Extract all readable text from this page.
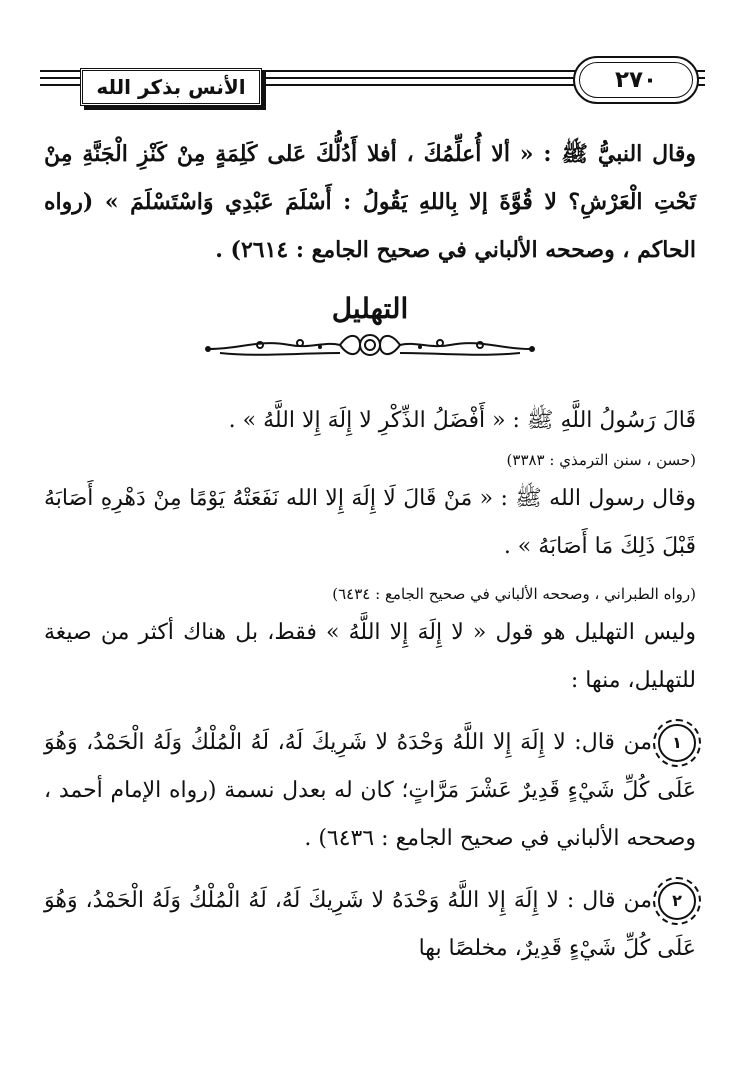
الأنس بذكر الله	٢٧٠

وقال النبيُّ ﷺ : « ألا أُعلِّمُكَ ، أفلا أَدُلُّكَ عَلى كَلِمَةٍ مِنْ كَنْزِ الْجَنَّةِ مِنْ تَحْتِ الْعَرْشِ؟ لا قُوَّةَ إلا بِاللهِ يَقُولُ : أَسْلَمَ عَبْدِي وَاسْتَسْلَمَ » (رواه الحاكم ، وصححه الألباني في صحيح الجامع : ٢٦١٤) .

التهليل

قَالَ رَسُولُ اللَّهِ ﷺ : « أَفْضَلُ الذِّكْرِ لا إِلَهَ إِلا اللَّهُ » .

(حسن ، سنن الترمذي : ٣٣٨٣)

وقال رسول الله ﷺ : « مَنْ قَالَ لَا إِلَهَ إِلا الله نَفَعَتْهُ يَوْمًا مِنْ دَهْرِهِ أَصَابَهُ قَبْلَ ذَلِكَ مَا أَصَابَهُ » .

(رواه الطبراني ، وصححه الألباني في صحيح الجامع : ٦٤٣٤)

وليس التهليل هو قول « لا إِلَهَ إِلا اللَّهُ » فقط، بل هناك أكثر من صيغة للتهليل، منها :

١من قال: لا إِلَهَ إِلا اللَّهُ وَحْدَهُ لا شَرِيكَ لَهُ، لَهُ الْمُلْكُ وَلَهُ الْحَمْدُ، وَهُوَ عَلَى كُلِّ شَيْءٍ قَدِيرٌ عَشْرَ مَرَّاتٍ؛ كان له بعدل نسمة (رواه الإمام أحمد ، وصححه الألباني في صحيح الجامع : ٦٤٣٦) .

٢من قال : لا إِلَهَ إِلا اللَّهُ وَحْدَهُ لا شَرِيكَ لَهُ، لَهُ الْمُلْكُ وَلَهُ الْحَمْدُ، وَهُوَ عَلَى كُلِّ شَيْءٍ قَدِيرٌ، مخلصًا بها
